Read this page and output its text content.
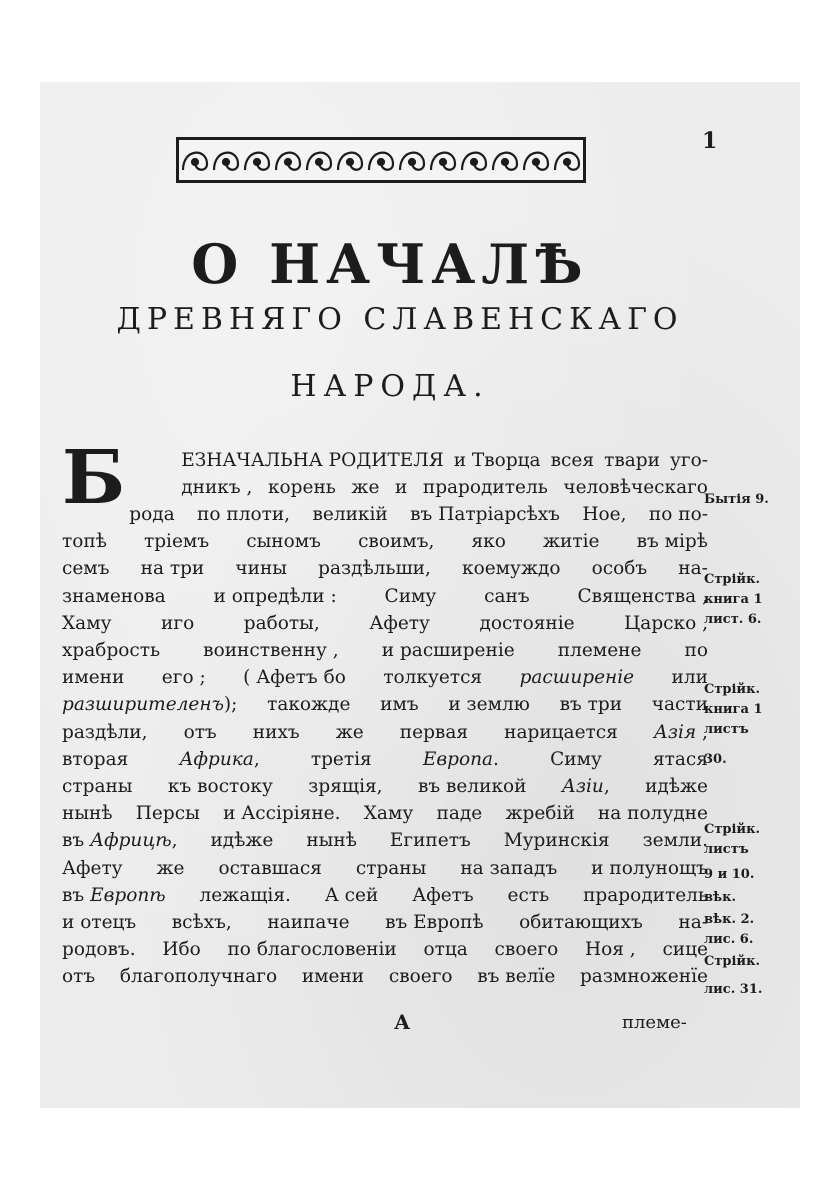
1
О НАЧАЛѢ
ДРЕВНЯГО СЛАВЕНСКАГО
НАРОДА.
Б	ЕЗНАЧАЛЬНА РОДИТЕЛЯ и Творца всея твари уго-
дникъ , корень же и прародитель человѣческаго
рода по плоти, великій въ Патріарсѣхъ Ное, по по-
топѣ тріемъ сыномъ своимъ, яко житіе въ мірѣ
семъ на три чины раздѣльши, коемуждо особъ на-
знаменова	и опредѣли :	Симу	санъ	Священства ,
Хаму	иго	работы,	Афету	достояніе	Царско ,
храбрость воинственну , и расширеніе племене по
имени его ; ( Афетъ бо толкуется расширеніе или
разширителенъ); такожде имъ и землю въ три части
раздѣли, отъ нихъ же первая нарицается Азія ,
вторая	Африка,	третія	Европа.	Симу	ятася
страны къ востоку зрящія, въ великой Азіи, идѣже
нынѣ Персы и Ассіріяне. Хаму паде жребій на полудне
въ Африцѣ, идѣже нынѣ Египетъ Муринскія земли.
Афету же оставшася страны на западъ и полунощъ
въ Европѣ лежащія. А сей Афетъ есть прародитель
и отецъ всѣхъ, наипаче въ Европѣ обитающихъ на-
родовъ. Ибо по благословеніи отца своего Ноя , сице
отъ благополучнаго имени своего въ велїе размноженїе
Бытія 9.
Стрійк.
книга 1
лист. 6.
Стрійк.
книга 1
листъ
30.
Стрійк.
листъ
9 и 10.
вѣк.
вѣк. 2.
лис. 6.
Стрійк.
лис. 31.
А	племе-
